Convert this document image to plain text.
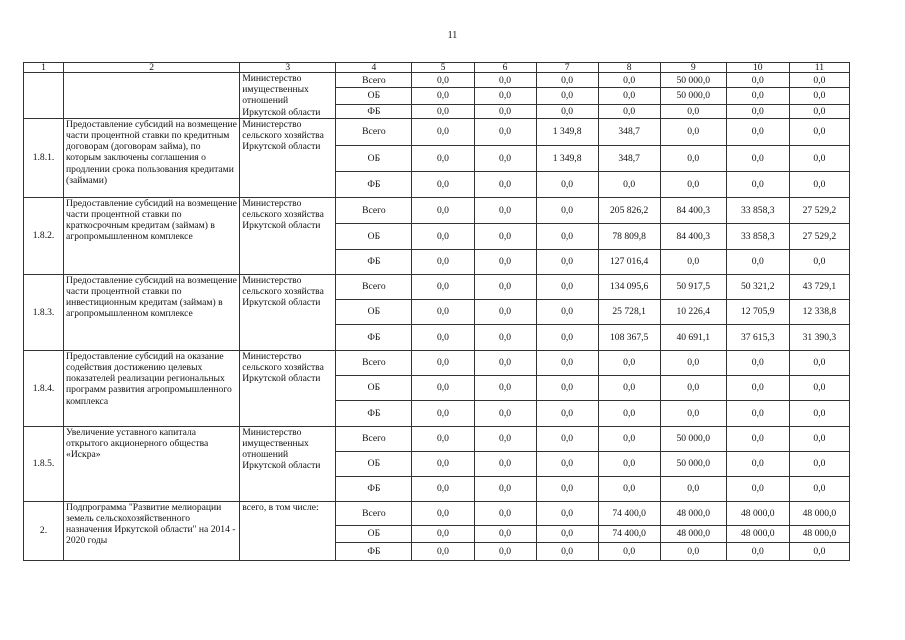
11
1	2	3	4	5	6	7	8	9	10	11
		Министерство имущественных отношений Иркутской области	Всего	0,0	0,0	0,0	0,0	50 000,0	0,0	0,0
			ОБ	0,0	0,0	0,0	0,0	50 000,0	0,0	0,0
			ФБ	0,0	0,0	0,0	0,0	0,0	0,0	0,0
1.8.1.	Предоставление субсидий на возмещение части процентной ставки по кредитным договорам (договорам займа), по которым заключены соглашения о продлении срока пользования кредитами (займами)	Министерство сельского хозяйства Иркутской области	Всего	0,0	0,0	1 349,8	348,7	0,0	0,0	0,0
			ОБ	0,0	0,0	1 349,8	348,7	0,0	0,0	0,0
			ФБ	0,0	0,0	0,0	0,0	0,0	0,0	0,0
1.8.2.	Предоставление субсидий на возмещение части процентной ставки по краткосрочным кредитам (займам) в агропромышленном комплексе	Министерство сельского хозяйства Иркутской области	Всего	0,0	0,0	0,0	205 826,2	84 400,3	33 858,3	27 529,2
			ОБ	0,0	0,0	0,0	78 809,8	84 400,3	33 858,3	27 529,2
			ФБ	0,0	0,0	0,0	127 016,4	0,0	0,0	0,0
1.8.3.	Предоставление субсидий на возмещение части процентной ставки по инвестиционным кредитам (займам) в агропромышленном комплексе	Министерство сельского хозяйства Иркутской области	Всего	0,0	0,0	0,0	134 095,6	50 917,5	50 321,2	43 729,1
			ОБ	0,0	0,0	0,0	25 728,1	10 226,4	12 705,9	12 338,8
			ФБ	0,0	0,0	0,0	108 367,5	40 691,1	37 615,3	31 390,3
1.8.4.	Предоставление субсидий на оказание содействия достижению целевых показателей реализации региональных программ развития агропромышленного комплекса	Министерство сельского хозяйства Иркутской области	Всего	0,0	0,0	0,0	0,0	0,0	0,0	0,0
			ОБ	0,0	0,0	0,0	0,0	0,0	0,0	0,0
			ФБ	0,0	0,0	0,0	0,0	0,0	0,0	0,0
1.8.5.	Увеличение уставного капитала открытого акционерного общества «Искра»	Министерство имущественных отношений Иркутской области	Всего	0,0	0,0	0,0	0,0	50 000,0	0,0	0,0
			ОБ	0,0	0,0	0,0	0,0	50 000,0	0,0	0,0
			ФБ	0,0	0,0	0,0	0,0	0,0	0,0	0,0
2.	Подпрограмма "Развитие мелиорации земель сельскохозяйственного назначения Иркутской области" на 2014 - 2020 годы	всего, в том числе:	Всего	0,0	0,0	0,0	74 400,0	48 000,0	48 000,0	48 000,0
			ОБ	0,0	0,0	0,0	74 400,0	48 000,0	48 000,0	48 000,0
			ФБ	0,0	0,0	0,0	0,0	0,0	0,0	0,0
